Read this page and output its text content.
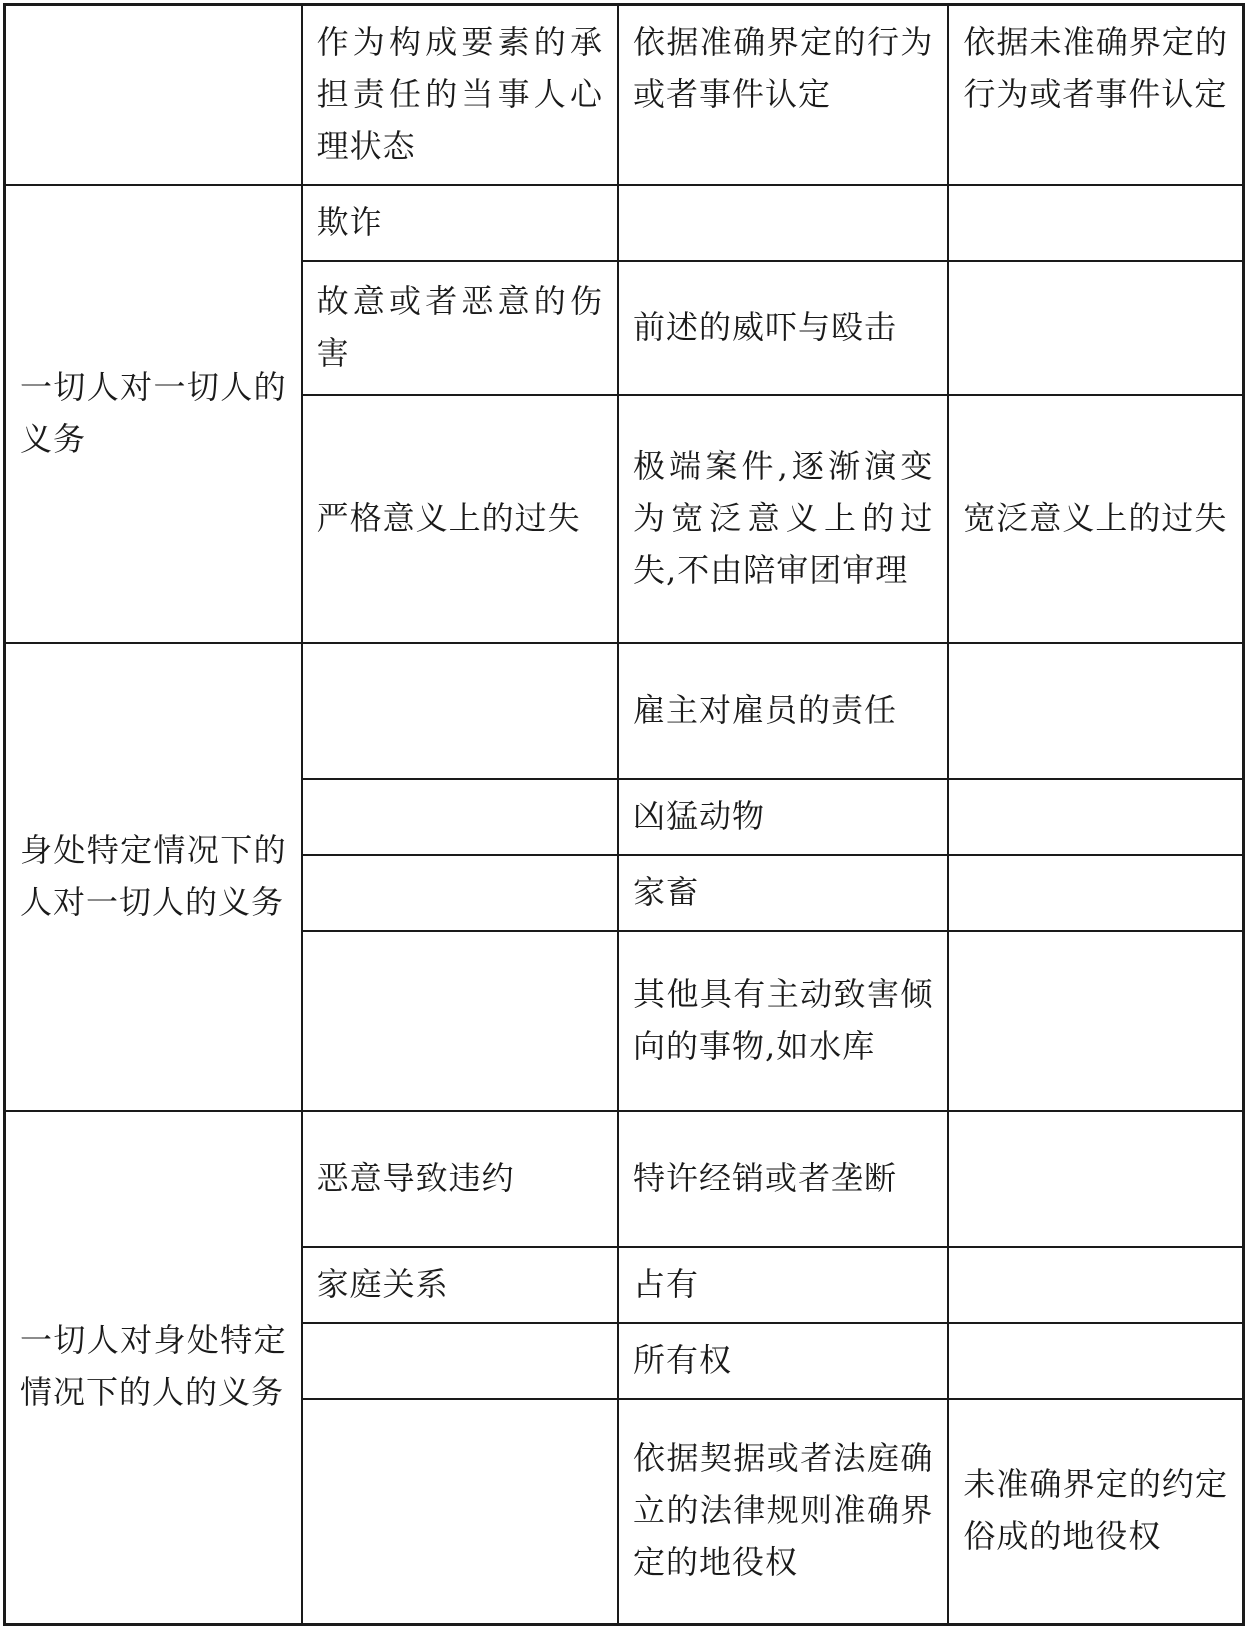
	作为构成要素的承担责任的当事人心理状态	依据准确界定的行为或者事件认定	依据未准确界定的行为或者事件认定
一切人对一切人的义务	欺诈		
	故意或者恶意的伤害	前述的威吓与殴击	
	严格意义上的过失	极端案件,逐渐演变为宽泛意义上的过失,不由陪审团审理	宽泛意义上的过失
身处特定情况下的人对一切人的义务		雇主对雇员的责任	
		凶猛动物	
		家畜	
		其他具有主动致害倾向的事物,如水库	
一切人对身处特定情况下的人的义务	恶意导致违约	特许经销或者垄断	
	家庭关系	占有	
		所有权	
		依据契据或者法庭确立的法律规则准确界定的地役权	未准确界定的约定俗成的地役权
